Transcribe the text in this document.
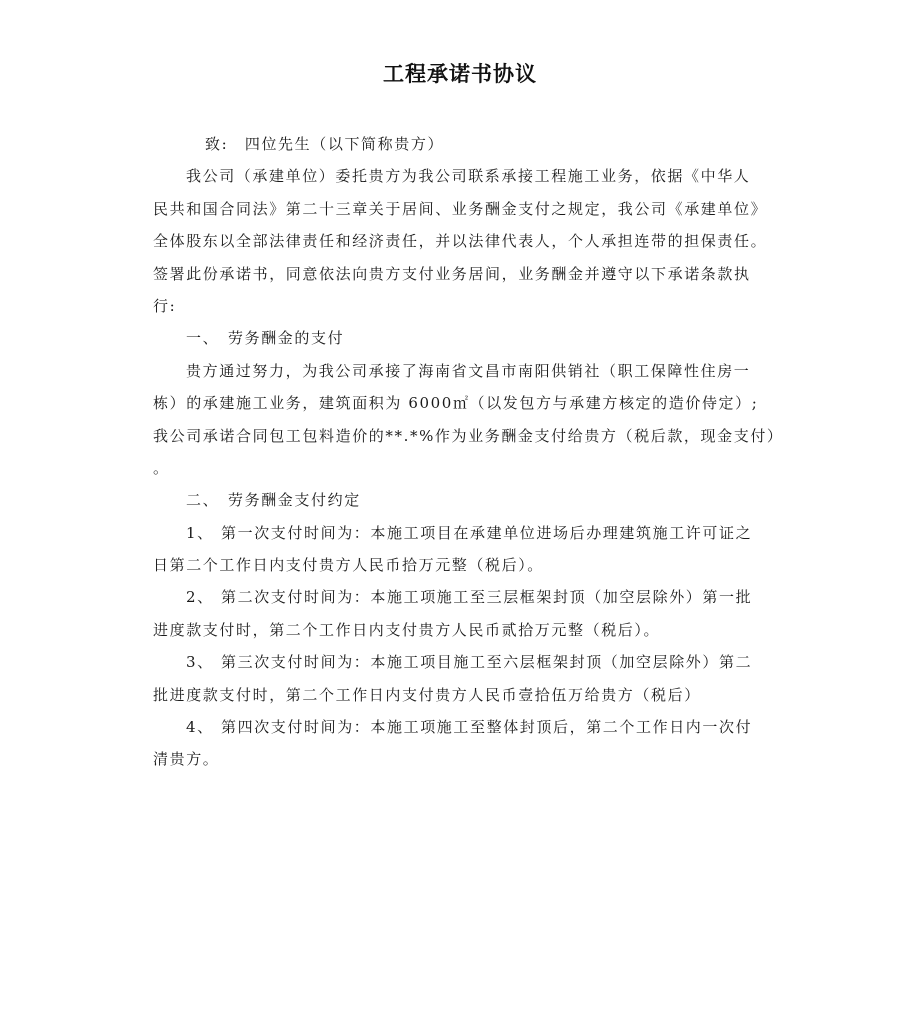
工程承诺书协议
致:　四位先生（以下简称贵方）
我公司（承建单位）委托贵方为我公司联系承接工程施工业务，依据《中华人
民共和国合同法》第二十三章关于居间、业务酬金支付之规定，我公司《承建单位》
全体股东以全部法律责任和经济责任，并以法律代表人，个人承担连带的担保责任。
签署此份承诺书，同意依法向贵方支付业务居间，业务酬金并遵守以下承诺条款执
行:
一、 劳务酬金的支付
贵方通过努力，为我公司承接了海南省文昌市南阳供销社（职工保障性住房一
栋）的承建施工业务，建筑面积为 6000㎡（以发包方与承建方核定的造价侍定）;
我公司承诺合同包工包料造价的**.*%作为业务酬金支付给贵方（税后款，现金支付）
。
二、 劳务酬金支付约定
1、 第一次支付时间为：本施工项目在承建单位进场后办理建筑施工许可证之
日第二个工作日内支付贵方人民币拾万元整（税后）。
2、 第二次支付时间为：本施工项施工至三层框架封顶（加空层除外）第一批
进度款支付时，第二个工作日内支付贵方人民币贰拾万元整（税后）。
3、 第三次支付时间为：本施工项目施工至六层框架封顶（加空层除外）第二
批进度款支付时，第二个工作日内支付贵方人民币壹拾伍万给贵方（税后）
4、 第四次支付时间为：本施工项施工至整体封顶后，第二个工作日内一次付
清贵方。
